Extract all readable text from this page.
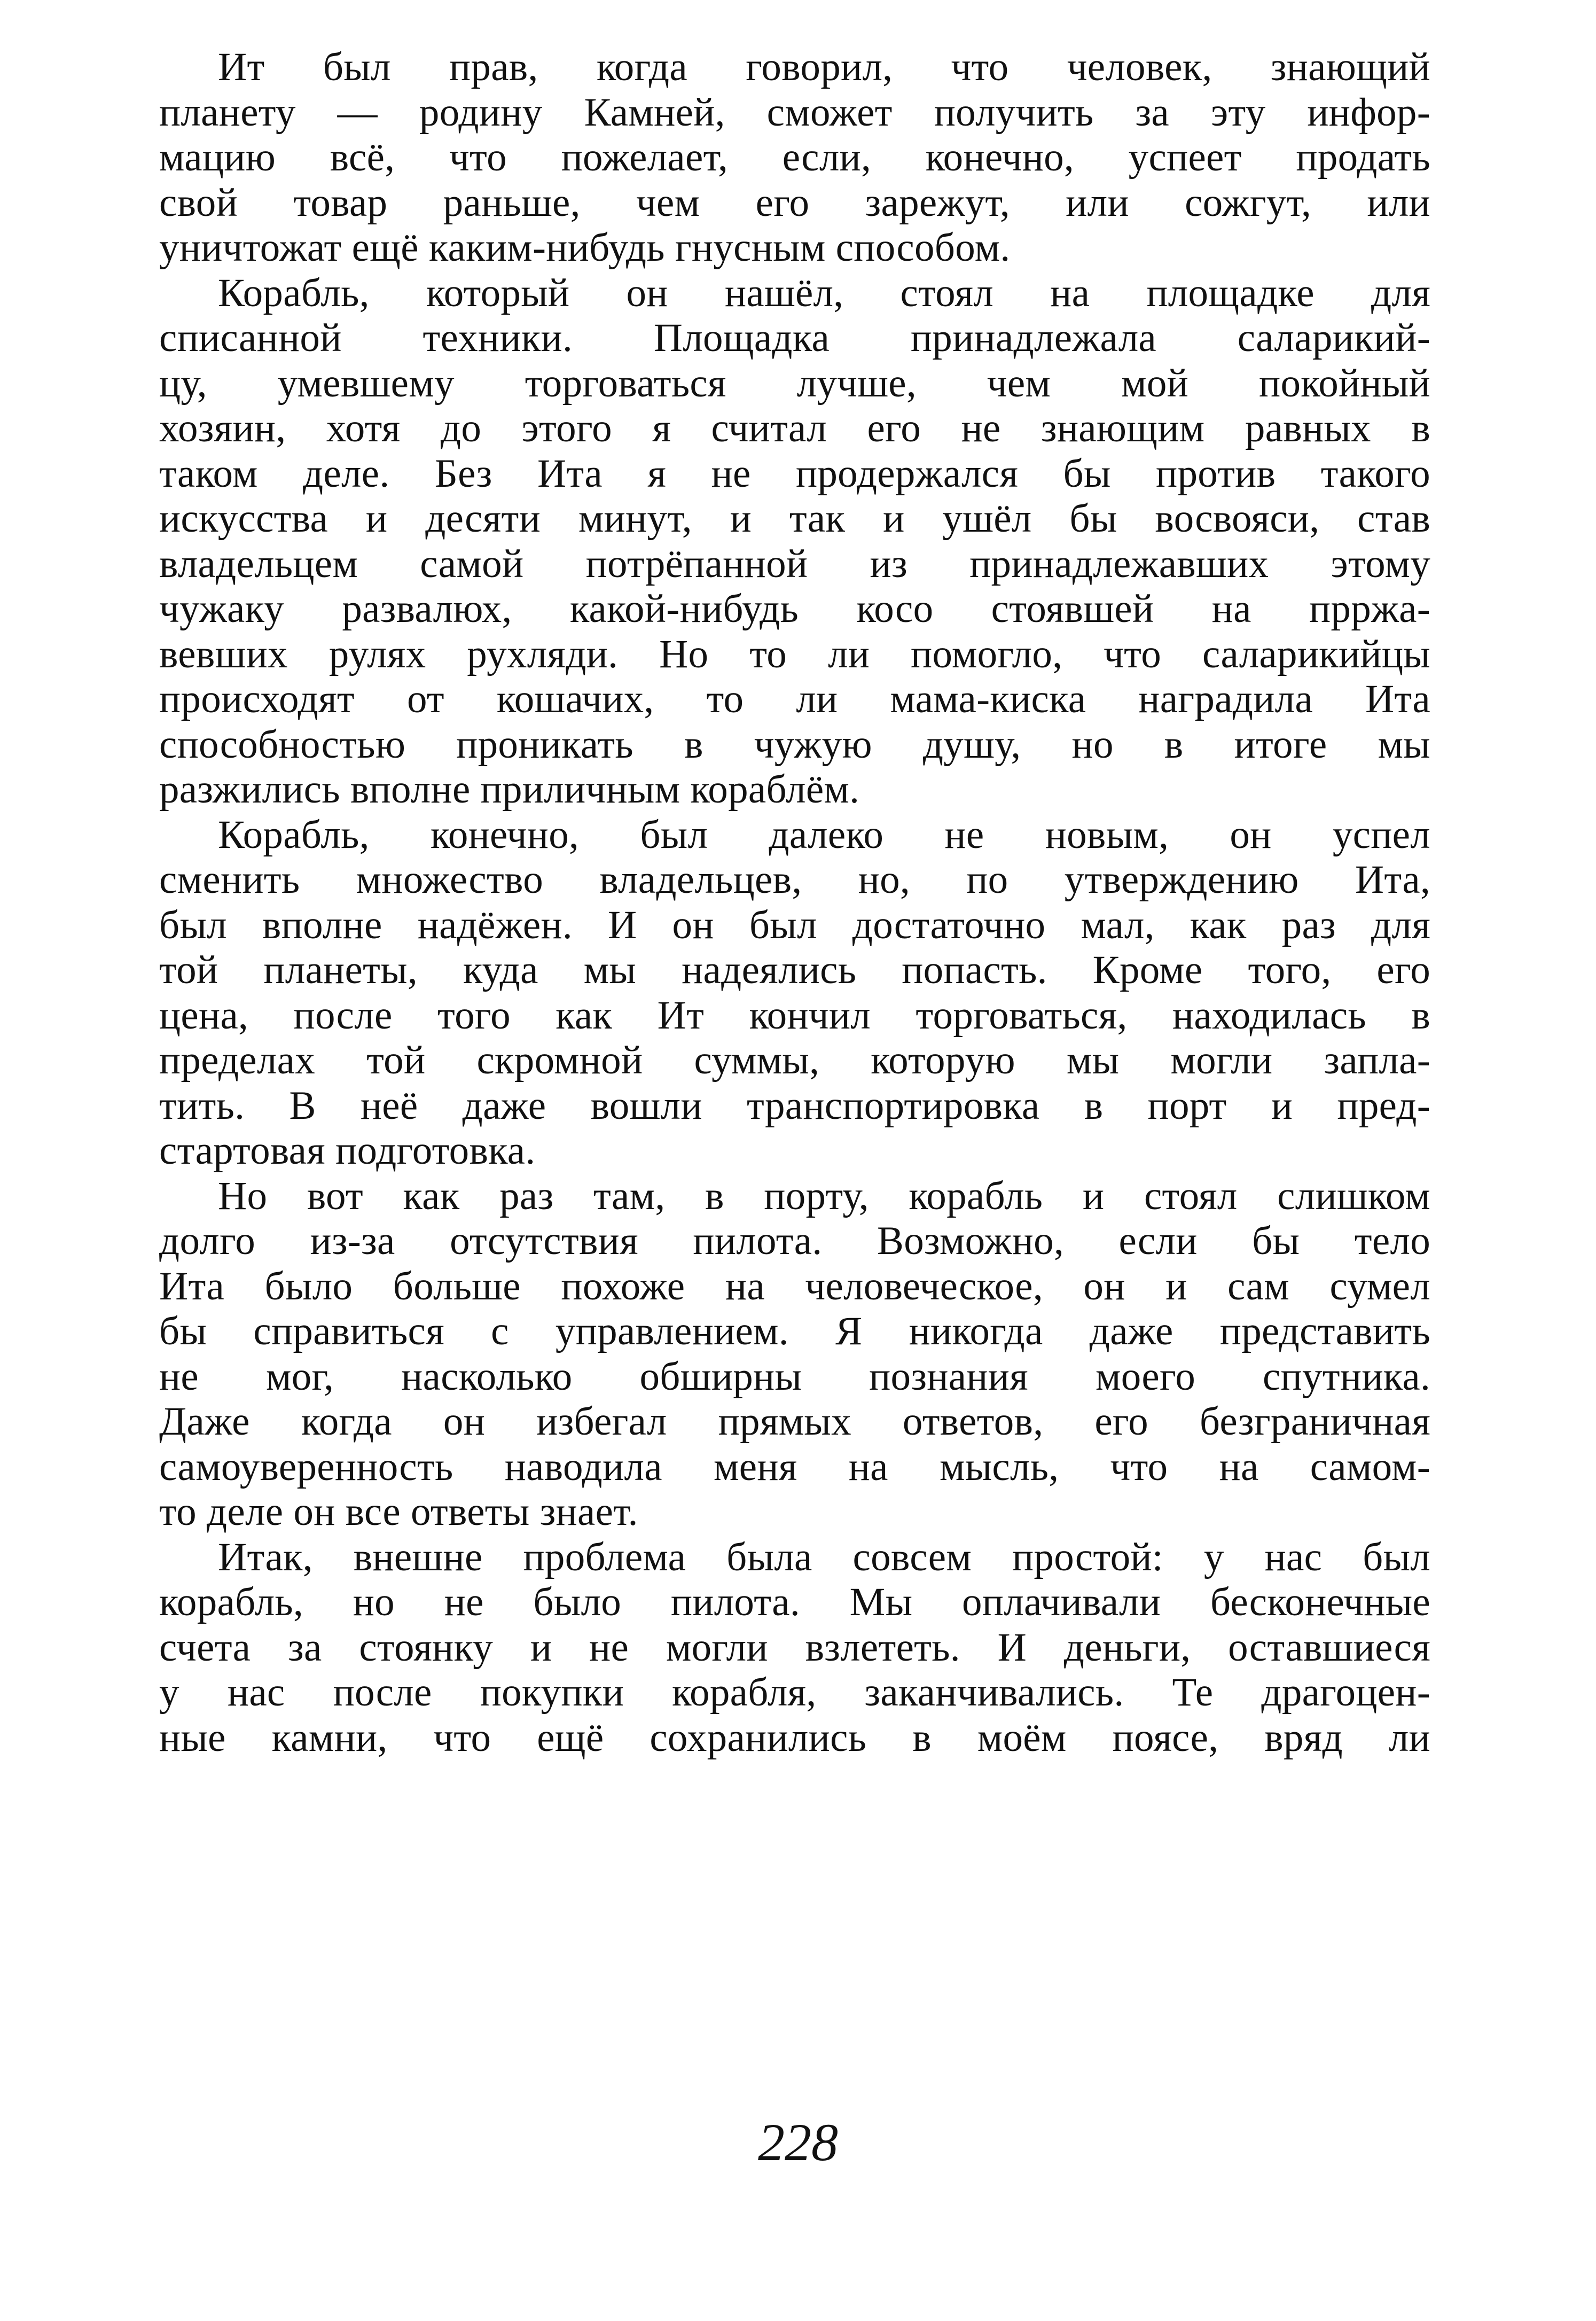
Ит был прав, когда говорил, что человек, знающий
планету — родину Камней, сможет получить за эту инфор-
мацию всё, что пожелает, если, конечно, успеет продать
свой товар раньше, чем его зарежут, или сожгут, или
уничтожат ещё каким-нибудь гнусным способом.
Корабль, который он нашёл, стоял на площадке для
списанной техники. Площадка принадлежала саларикий-
цу, умевшему торговаться лучше, чем мой покойный
хозяин, хотя до этого я считал его не знающим равных в
таком деле. Без Ита я не продержался бы против такого
искусства и десяти минут, и так и ушёл бы восвояси, став
владельцем самой потрёпанной из принадлежавших этому
чужаку развалюх, какой-нибудь косо стоявшей на прржа-
вевших рулях рухляди. Но то ли помогло, что саларикийцы
происходят от кошачих, то ли мама-киска наградила Ита
способностью проникать в чужую душу, но в итоге мы
разжились вполне приличным кораблём.
Корабль, конечно, был далеко не новым, он успел
сменить множество владельцев, но, по утверждению Ита,
был вполне надёжен. И он был достаточно мал, как раз для
той планеты, куда мы надеялись попасть. Кроме того, его
цена, после того как Ит кончил торговаться, находилась в
пределах той скромной суммы, которую мы могли запла-
тить. В неё даже вошли транспортировка в порт и пред-
стартовая подготовка.
Но вот как раз там, в порту, корабль и стоял слишком
долго из-за отсутствия пилота. Возможно, если бы тело
Ита было больше похоже на человеческое, он и сам сумел
бы справиться с управлением. Я никогда даже представить
не мог, насколько обширны познания моего спутника.
Даже когда он избегал прямых ответов, его безграничная
самоуверенность наводила меня на мысль, что на самом-
то деле он все ответы знает.
Итак, внешне проблема была совсем простой: у нас был
корабль, но не было пилота. Мы оплачивали бесконечные
счета за стоянку и не могли взлететь. И деньги, оставшиеся
у нас после покупки корабля, заканчивались. Те драгоцен-
ные камни, что ещё сохранились в моём поясе, вряд ли
228
